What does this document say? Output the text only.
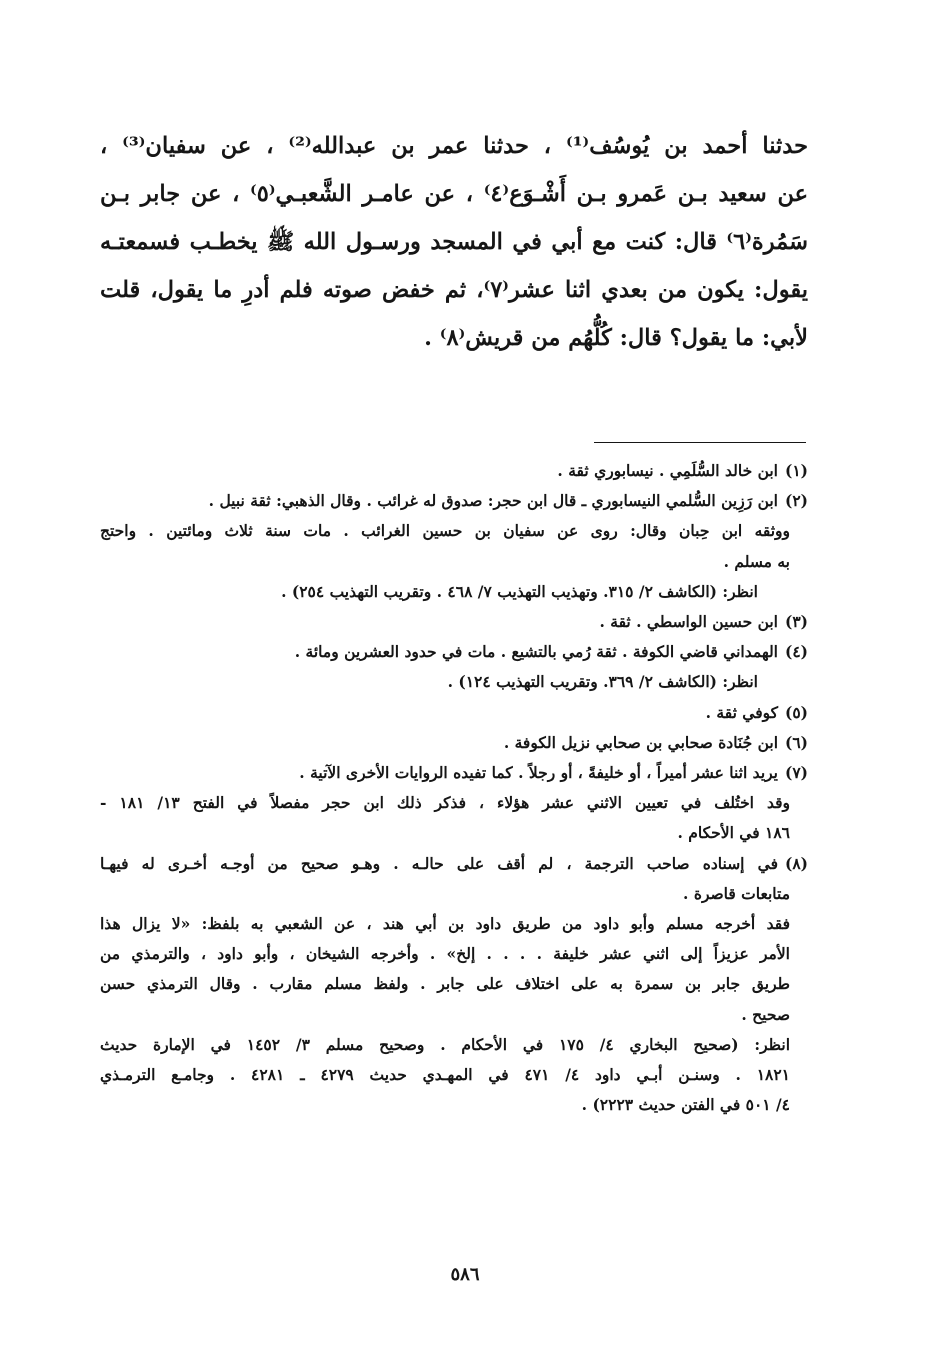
حدثنا أحمد بن يُوسُف⁽¹⁾ ، حدثنا عمر بن عبدالله⁽²⁾ ، عن سفيان⁽³⁾ ،
عن سعيد بـن عَمرو بـن أَشْـوَع⁽٤⁾ ، عن عامـر الشَّعبـي⁽٥⁾ ، عن جابر بـن
سَمُرة⁽٦⁾ قال: كنت مع أبي في المسجد ورسـول الله ﷺ يخطـب فسمعتـه
يقول: يكون من بعدي اثنا عشر⁽٧⁾، ثم خفض صوته فلم أدرِ ما يقول، قلت
لأبي: ما يقول؟ قال: كُلُّهُم من قريش⁽٨⁾ .
(١)ابن خالد السُّلَمِي . نيسابوري ثقة .
(٢)ابن رَزِين السُّلمي النيسابوري ـ قال ابن حجر: صدوق له غرائب . وقال الذهبي: ثقة نبيل .
ووثقه ابن حِبان وقال: روى عن سفيان بن حسين الغرائب . مات سنة ثلاث ومائتين . واحتج
به مسلم .
انظر: (الكاشف ٢/ ٣١٥. وتهذيب التهذيب ٧/ ٤٦٨ . وتقريب التهذيب ٢٥٤) .
(٣)ابن حسين الواسطي . ثقة .
(٤)الهمداني قاضي الكوفة . ثقة رُمي بالتشيع . مات في حدود العشرين ومائة .
انظر: (الكاشف ٢/ ٣٦٩. وتقريب التهذيب ١٢٤) .
(٥)كوفي ثقة .
(٦)ابن جُنَادة صحابي بن صحابي نزيل الكوفة .
(٧)يريد اثنا عشر أميراً ، أو خليفةً ، أو رجلاً . كما تفيده الروايات الأخرى الآتية .
وقد اختُلف في تعيين الاثني عشر هؤلاء ، فذكر ذلك ابن حجر مفصلاً في الفتح ١٣/ ١٨١ -
١٨٦ في الأحكام .
(٨)في إسناده صاحب الترجمة ، لم أقف على حالـه . وهـو صحيح من أوجـه أخـرى له فيهـا
متابعات قاصرة .
فقد أخرجه مسلم وأبو داود من طريق داود بن أبي هند ، عن الشعبي به بلفظ: «لا يزال هذا
الأمر عزيزاً إلى اثني عشر خليفة . . . . إلخ» . وأخرجه الشيخان ، وأبو داود ، والترمذي من
طريق جابر بن سمرة به على اختلاف على جابر . ولفظ مسلم مقارب . وقال الترمذي حسن
صحيح .
انظر: (صحيح البخاري ٤/ ١٧٥ في الأحكام . وصحيح مسلم ٣/ ١٤٥٢ في الإمارة حديث
١٨٢١ . وسنـن أبـي داود ٤/ ٤٧١ في المهـدي حديث ٤٢٧٩ ـ ٤٢٨١ . وجامـع الترمـذي
٤/ ٥٠١ في الفتن حديث ٢٢٢٣) .
٥٨٦
